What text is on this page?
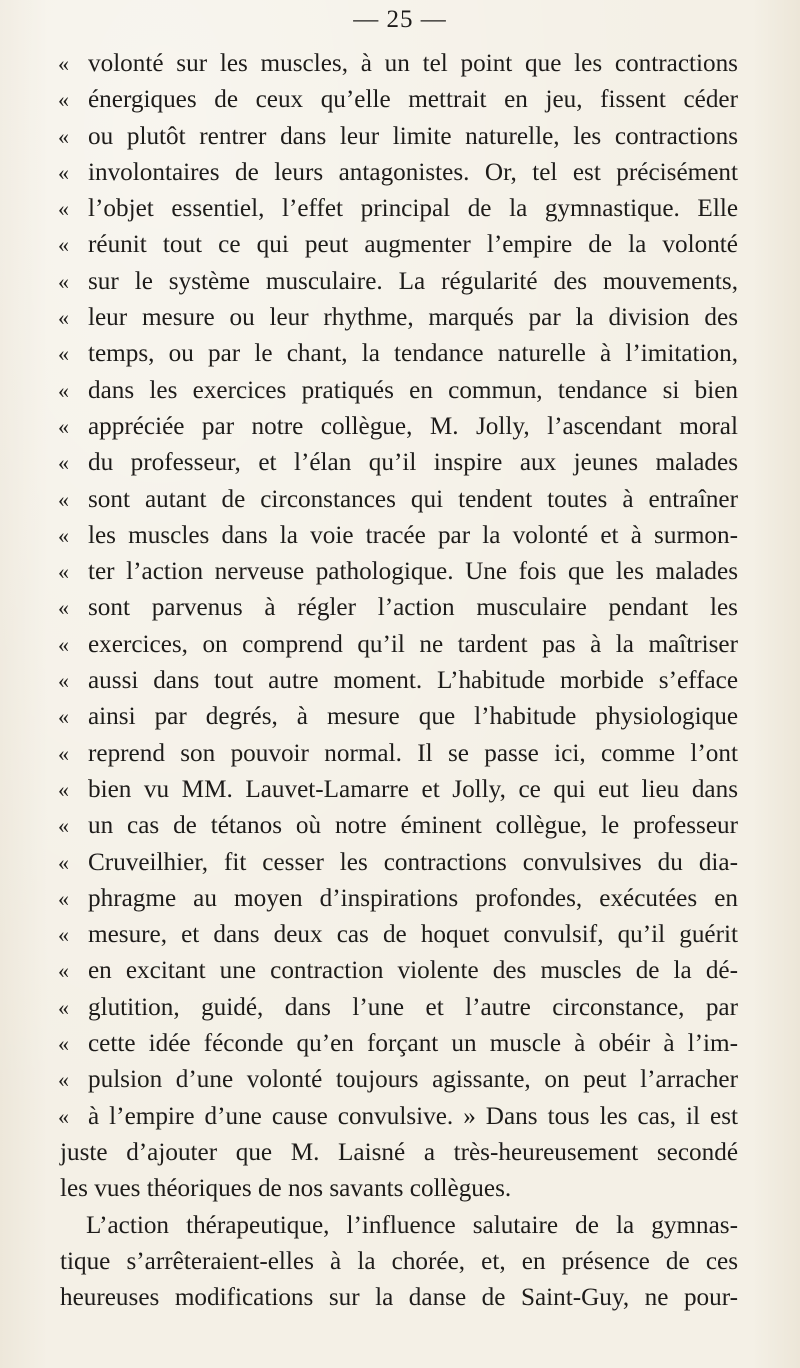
— 25 —
« volonté sur les muscles, à un tel point que les contractions
« énergiques de ceux qu’elle mettrait en jeu, fissent céder
« ou plutôt rentrer dans leur limite naturelle, les contractions
« involontaires de leurs antagonistes. Or, tel est précisément
« l’objet essentiel, l’effet principal de la gymnastique. Elle
« réunit tout ce qui peut augmenter l’empire de la volonté
« sur le système musculaire. La régularité des mouvements,
« leur mesure ou leur rhythme, marqués par la division des
« temps, ou par le chant, la tendance naturelle à l’imitation,
« dans les exercices pratiqués en commun, tendance si bien
« appréciée par notre collègue, M. Jolly, l’ascendant moral
« du professeur, et l’élan qu’il inspire aux jeunes malades
« sont autant de circonstances qui tendent toutes à entraîner
« les muscles dans la voie tracée par la volonté et à surmon-
« ter l’action nerveuse pathologique. Une fois que les malades
« sont parvenus à régler l’action musculaire pendant les
« exercices, on comprend qu’il ne tardent pas à la maîtriser
« aussi dans tout autre moment. L’habitude morbide s’efface
« ainsi par degrés, à mesure que l’habitude physiologique
« reprend son pouvoir normal. Il se passe ici, comme l’ont
« bien vu MM. Lauvet-Lamarre et Jolly, ce qui eut lieu dans
« un cas de tétanos où notre éminent collègue, le professeur
« Cruveilhier, fit cesser les contractions convulsives du dia-
« phragme au moyen d’inspirations profondes, exécutées en
« mesure, et dans deux cas de hoquet convulsif, qu’il guérit
« en excitant une contraction violente des muscles de la dé-
« glutition, guidé, dans l’une et l’autre circonstance, par
« cette idée féconde qu’en forçant un muscle à obéir à l’im-
« pulsion d’une volonté toujours agissante, on peut l’arracher
« à l’empire d’une cause convulsive. » Dans tous les cas, il est
juste d’ajouter que M. Laisné a très-heureusement secondé
les vues théoriques de nos savants collègues.
L’action thérapeutique, l’influence salutaire de la gymnas-
tique s’arrêteraient-elles à la chorée, et, en présence de ces
heureuses modifications sur la danse de Saint-Guy, ne pour-
